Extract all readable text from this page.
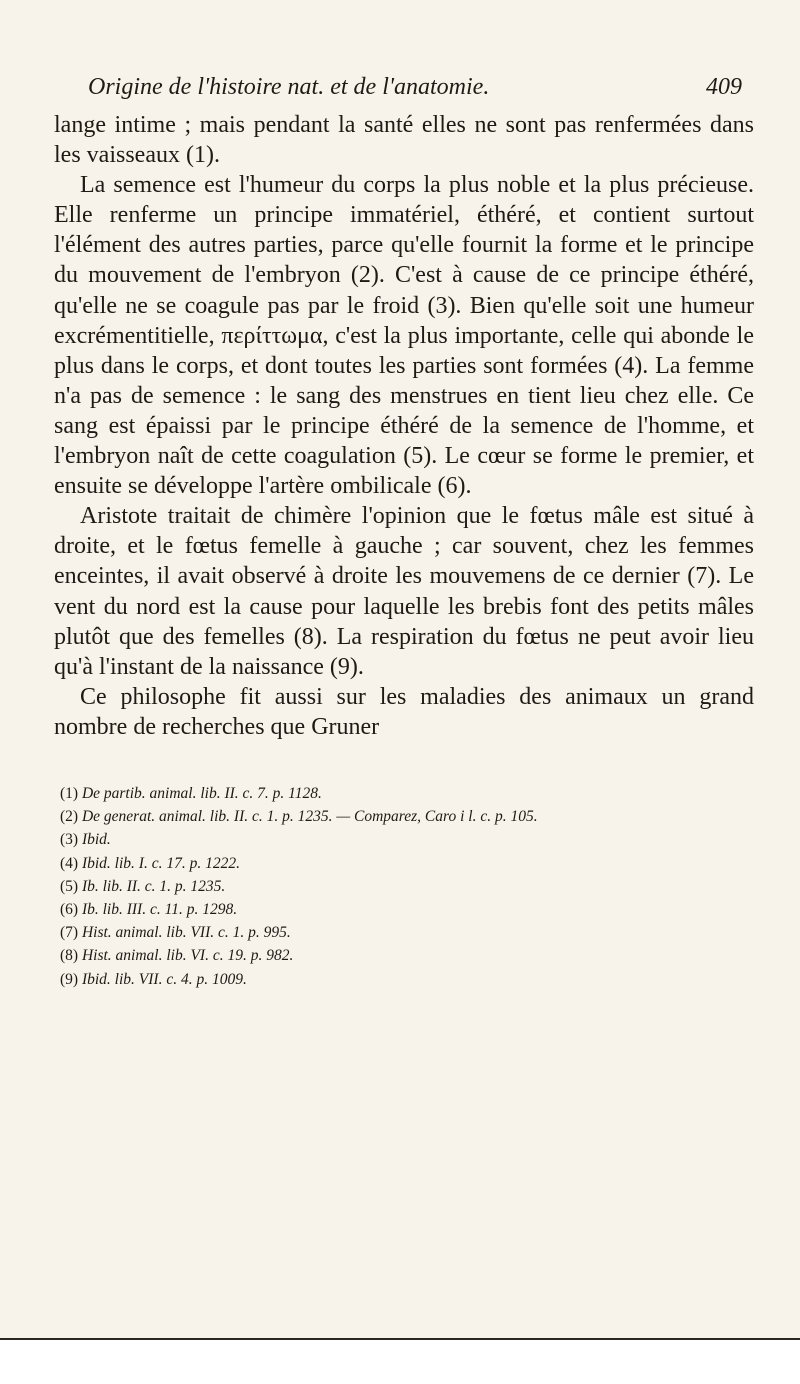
Origine de l'histoire nat. et de l'anatomie.	409

lange intime ; mais pendant la santé elles ne sont pas renfermées dans les vaisseaux (1).

La semence est l'humeur du corps la plus noble et la plus précieuse. Elle renferme un principe immatériel, éthéré, et contient surtout l'élément des autres parties, parce qu'elle fournit la forme et le principe du mouvement de l'embryon (2). C'est à cause de ce principe éthéré, qu'elle ne se coagule pas par le froid (3). Bien qu'elle soit une humeur excrémentitielle, περίττωμα, c'est la plus importante, celle qui abonde le plus dans le corps, et dont toutes les parties sont formées (4). La femme n'a pas de semence : le sang des menstrues en tient lieu chez elle. Ce sang est épaissi par le principe éthéré de la semence de l'homme, et l'embryon naît de cette coagulation (5). Le cœur se forme le premier, et ensuite se développe l'artère ombilicale (6).

Aristote traitait de chimère l'opinion que le fœtus mâle est situé à droite, et le fœtus femelle à gauche ; car souvent, chez les femmes enceintes, il avait observé à droite les mouvemens de ce dernier (7). Le vent du nord est la cause pour laquelle les brebis font des petits mâles plutôt que des femelles (8). La respiration du fœtus ne peut avoir lieu qu'à l'instant de la naissance (9).

Ce philosophe fit aussi sur les maladies des animaux un grand nombre de recherches que Gruner

(1) De partib. animal. lib. II. c. 7. p. 1128.

(2) De generat. animal. lib. II. c. 1. p. 1235. — Comparez, Caro i l. c. p. 105.

(3) Ibid.

(4) Ibid. lib. I. c. 17. p. 1222.

(5) Ib. lib. II. c. 1. p. 1235.

(6) Ib. lib. III. c. 11. p. 1298.

(7) Hist. animal. lib. VII. c. 1. p. 995.

(8) Hist. animal. lib. VI. c. 19. p. 982.

(9) Ibid. lib. VII. c. 4. p. 1009.
